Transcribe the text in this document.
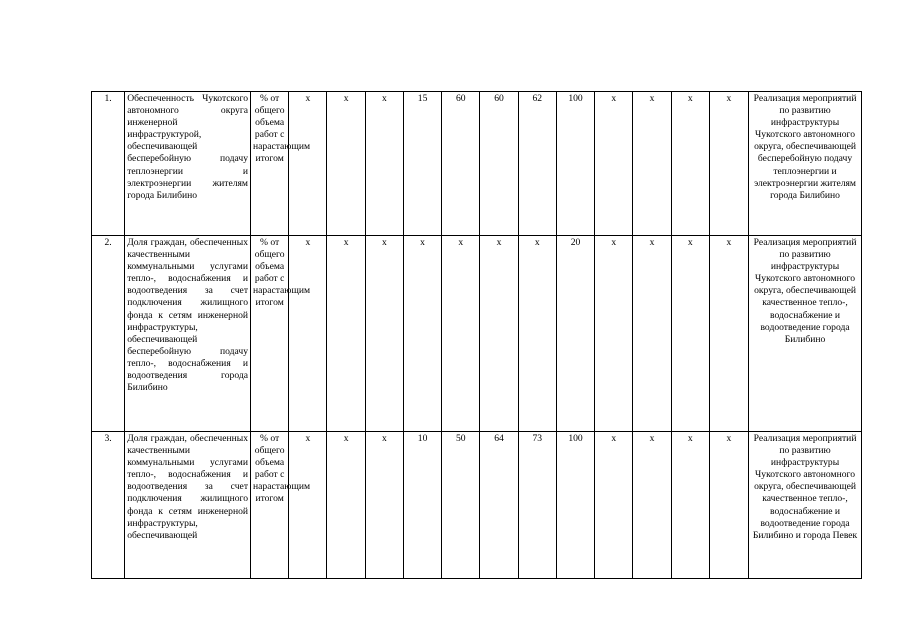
1.	Обеспеченность Чукотского автономного округа инженерной инфраструктурой, обеспечивающей бесперебойную подачу теплоэнергии и электроэнергии жителям города Билибино	% от общего объема работ с нарастающим итогом	х	х	х	15	60	60	62	100	х	х	х	х	Реализация мероприятий по развитию инфраструктуры Чукотского автономного округа, обеспечивающей бесперебойную подачу теплоэнергии и электроэнергии жителям города Билибино
2.	Доля граждан, обеспеченных качественными коммунальными услугами тепло-, водоснабжения и водоотведения за счет подключения жилищного фонда к сетям инженерной инфраструктуры, обеспечивающей бесперебойную подачу тепло-, водоснабжения и водоотведения города Билибино	% от общего объема работ с нарастающим итогом	х	х	х	х	х	х	х	20	х	х	х	х	Реализация мероприятий по развитию инфраструктуры Чукотского автономного округа, обеспечивающей качественное тепло-, водоснабжение и водоотведение города Билибино
3.	Доля граждан, обеспеченных качественными коммунальными услугами тепло-, водоснабжения и водоотведения за счет подключения жилищного фонда к сетям инженерной инфраструктуры, обеспечивающей	% от общего объема работ с нарастающим итогом	х	х	х	10	50	64	73	100	х	х	х	х	Реализация мероприятий по развитию инфраструктуры Чукотского автономного округа, обеспечивающей качественное тепло-, водоснабжение и водоотведение города Билибино и города Певек
